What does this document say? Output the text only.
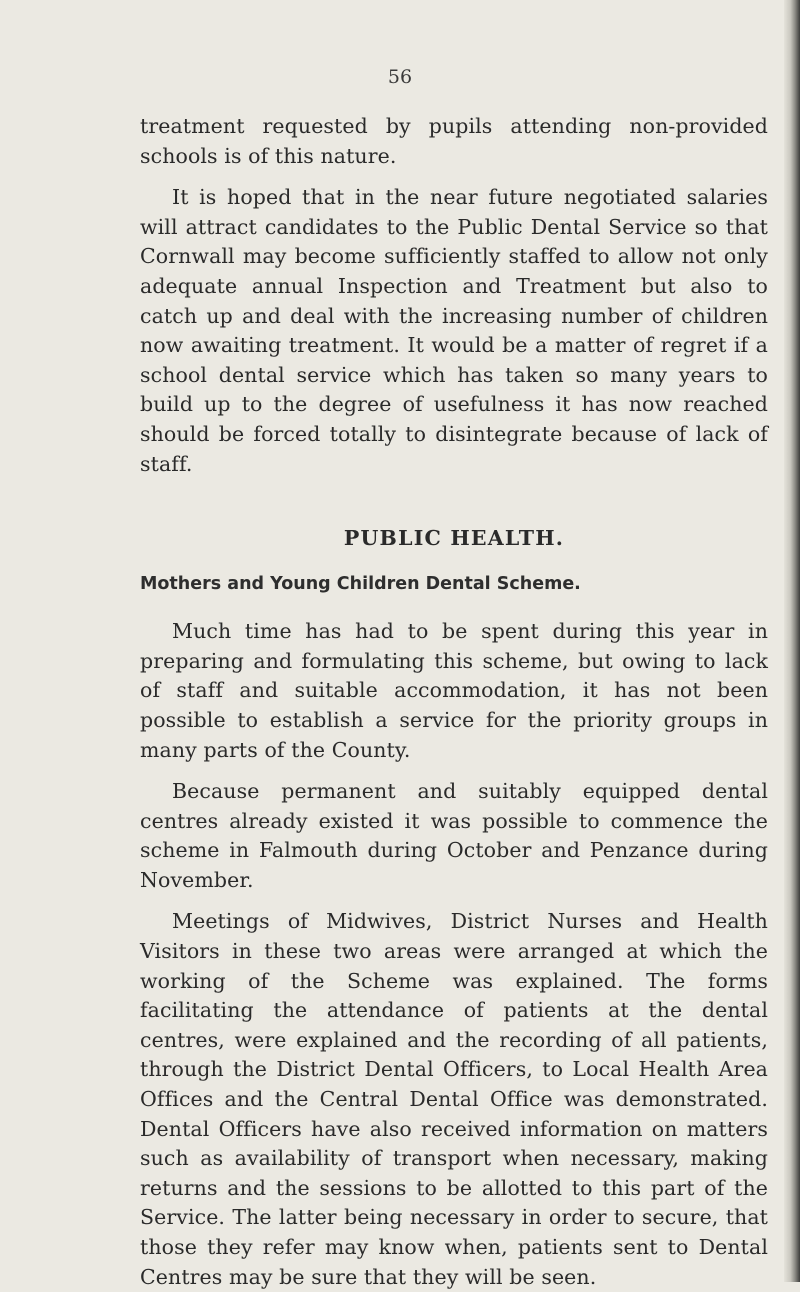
56

treatment requested by pupils attending non-provided schools is of this nature.

It is hoped that in the near future negotiated salaries will attract candidates to the Public Dental Service so that Cornwall may become sufficiently staffed to allow not only adequate annual Inspection and Treatment but also to catch up and deal with the increasing number of children now awaiting treatment. It would be a matter of regret if a school dental service which has taken so many years to build up to the degree of usefulness it has now reached should be forced totally to disintegrate because of lack of staff.

PUBLIC HEALTH.
Mothers and Young Children Dental Scheme.

Much time has had to be spent during this year in preparing and formulating this scheme, but owing to lack of staff and suitable accommodation, it has not been possible to establish a service for the priority groups in many parts of the County.

Because permanent and suitably equipped dental centres already existed it was possible to commence the scheme in Falmouth during October and Penzance during November.

Meetings of Midwives, District Nurses and Health Visitors in these two areas were arranged at which the working of the Scheme was explained. The forms facilitating the attendance of patients at the dental centres, were explained and the recording of all patients, through the District Dental Officers, to Local Health Area Offices and the Central Dental Office was demonstrated. Dental Officers have also received information on matters such as availability of transport when necessary, making returns and the sessions to be allotted to this part of the Service. The latter being necessary in order to secure, that those they refer may know when, patients sent to Dental Centres may be sure that they will be seen.
